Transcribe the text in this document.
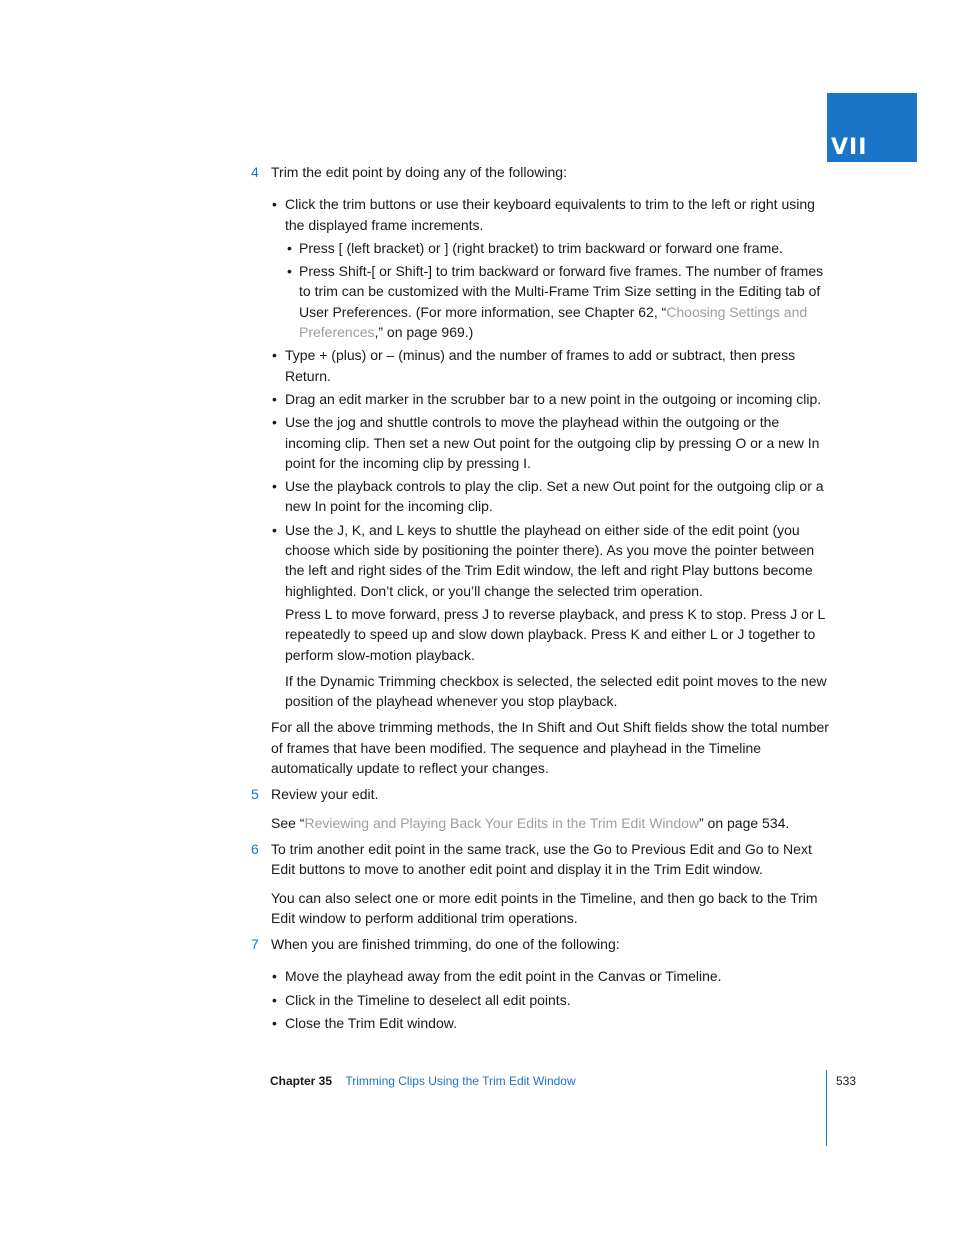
VII
4 Trim the edit point by doing any of the following:
• Click the trim buttons or use their keyboard equivalents to trim to the left or right using the displayed frame increments.
• Press [ (left bracket) or ] (right bracket) to trim backward or forward one frame.
• Press Shift-[ or Shift-] to trim backward or forward five frames. The number of frames to trim can be customized with the Multi-Frame Trim Size setting in the Editing tab of User Preferences. (For more information, see Chapter 62, “Choosing Settings and Preferences,” on page 969.)
• Type + (plus) or – (minus) and the number of frames to add or subtract, then press Return.
• Drag an edit marker in the scrubber bar to a new point in the outgoing or incoming clip.
• Use the jog and shuttle controls to move the playhead within the outgoing or the incoming clip. Then set a new Out point for the outgoing clip by pressing O or a new In point for the incoming clip by pressing I.
• Use the playback controls to play the clip. Set a new Out point for the outgoing clip or a new In point for the incoming clip.
• Use the J, K, and L keys to shuttle the playhead on either side of the edit point (you choose which side by positioning the pointer there). As you move the pointer between the left and right sides of the Trim Edit window, the left and right Play buttons become highlighted. Don’t click, or you’ll change the selected trim operation.
Press L to move forward, press J to reverse playback, and press K to stop. Press J or L repeatedly to speed up and slow down playback. Press K and either L or J together to perform slow-motion playback.
If the Dynamic Trimming checkbox is selected, the selected edit point moves to the new position of the playhead whenever you stop playback.
For all the above trimming methods, the In Shift and Out Shift fields show the total number of frames that have been modified. The sequence and playhead in the Timeline automatically update to reflect your changes.
5 Review your edit.
See “Reviewing and Playing Back Your Edits in the Trim Edit Window” on page 534.
6 To trim another edit point in the same track, use the Go to Previous Edit and Go to Next Edit buttons to move to another edit point and display it in the Trim Edit window.
You can also select one or more edit points in the Timeline, and then go back to the Trim Edit window to perform additional trim operations.
7 When you are finished trimming, do one of the following:
• Move the playhead away from the edit point in the Canvas or Timeline.
• Click in the Timeline to deselect all edit points.
• Close the Trim Edit window.
Chapter 35 Trimming Clips Using the Trim Edit Window	533
